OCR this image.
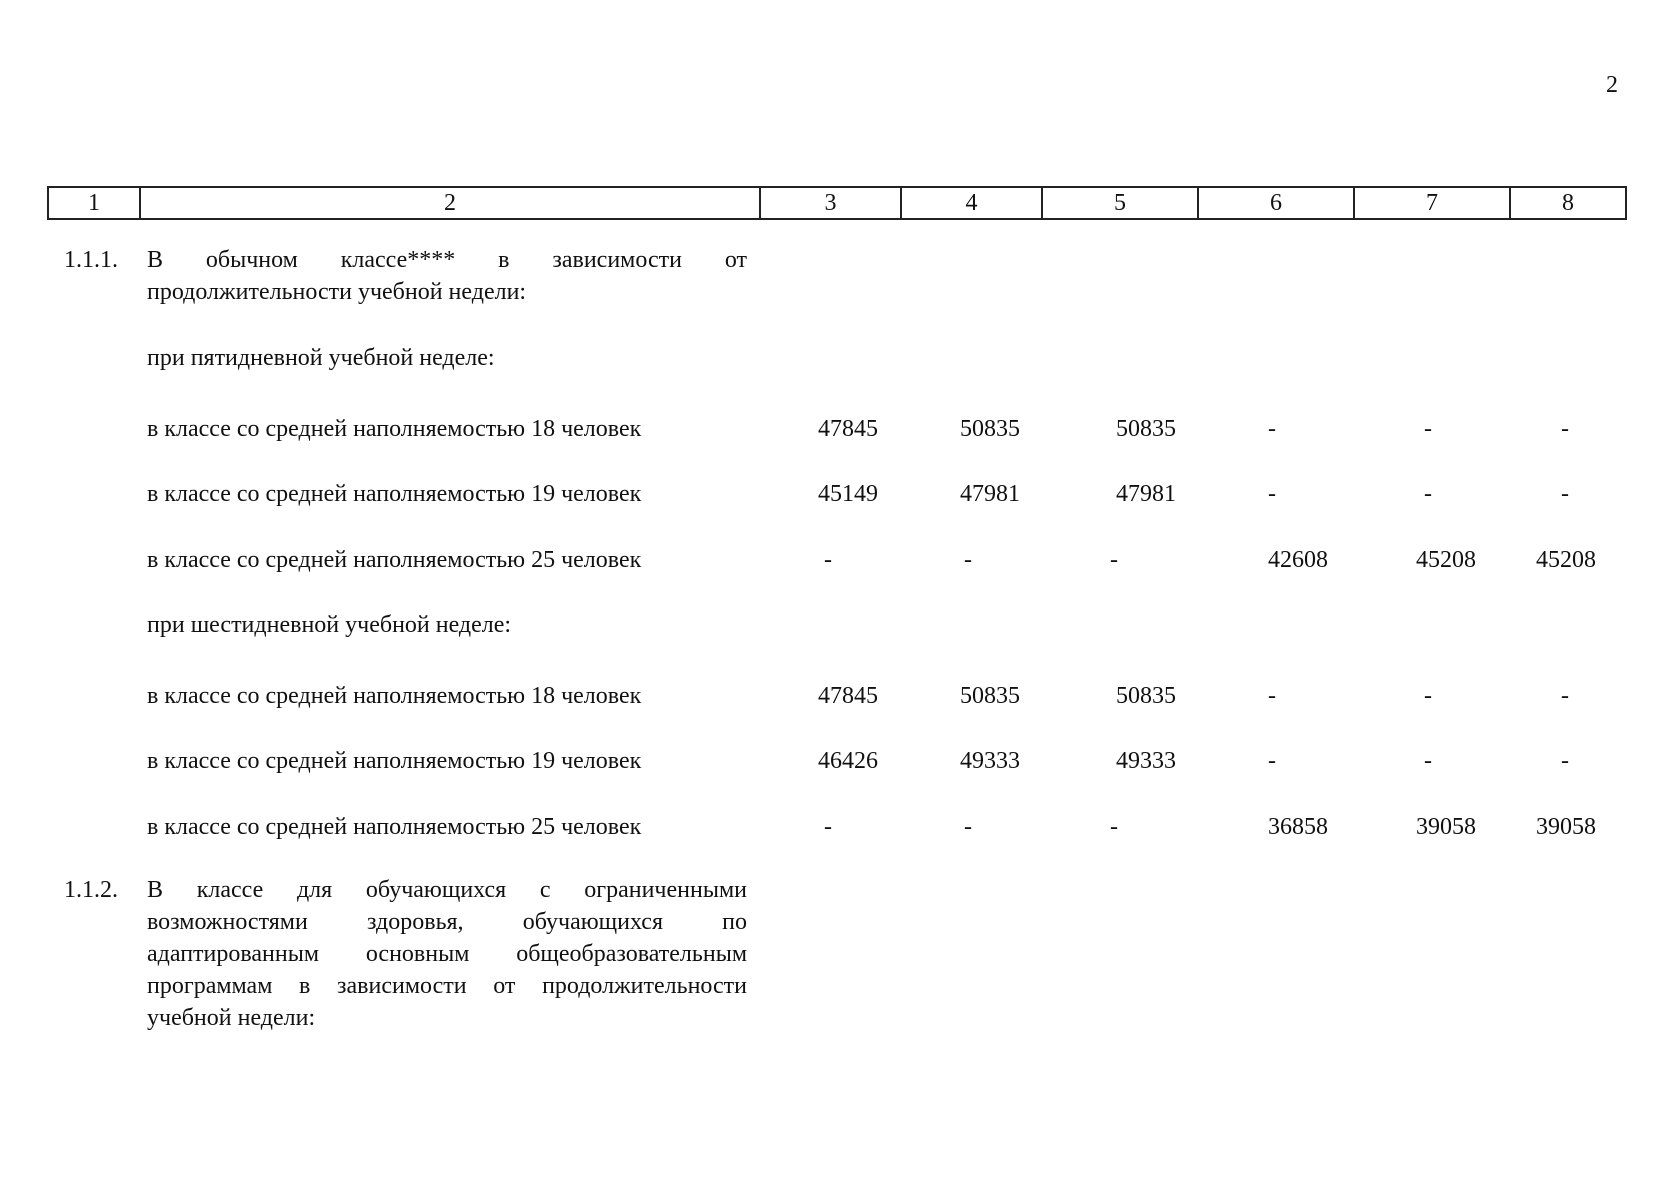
2
1	2	3	4	5	6	7	8
1.1.1. В обычном классе**** в зависимости от продолжительности учебной недели:
при пятидневной учебной неделе:
в классе со средней наполняемостью 18 человек	47845	50835	50835	-	-	-
в классе со средней наполняемостью 19 человек	45149	47981	47981	-	-	-
в классе со средней наполняемостью 25 человек	-	-	-	42608	45208	45208
при шестидневной учебной неделе:
в классе со средней наполняемостью 18 человек	47845	50835	50835	-	-	-
в классе со средней наполняемостью 19 человек	46426	49333	49333	-	-	-
в классе со средней наполняемостью 25 человек	-	-	-	36858	39058	39058
1.1.2. В классе для обучающихся с ограниченными возможностями здоровья, обучающихся по адаптированным основным общеобразовательным программам в зависимости от продолжительности учебной недели:
